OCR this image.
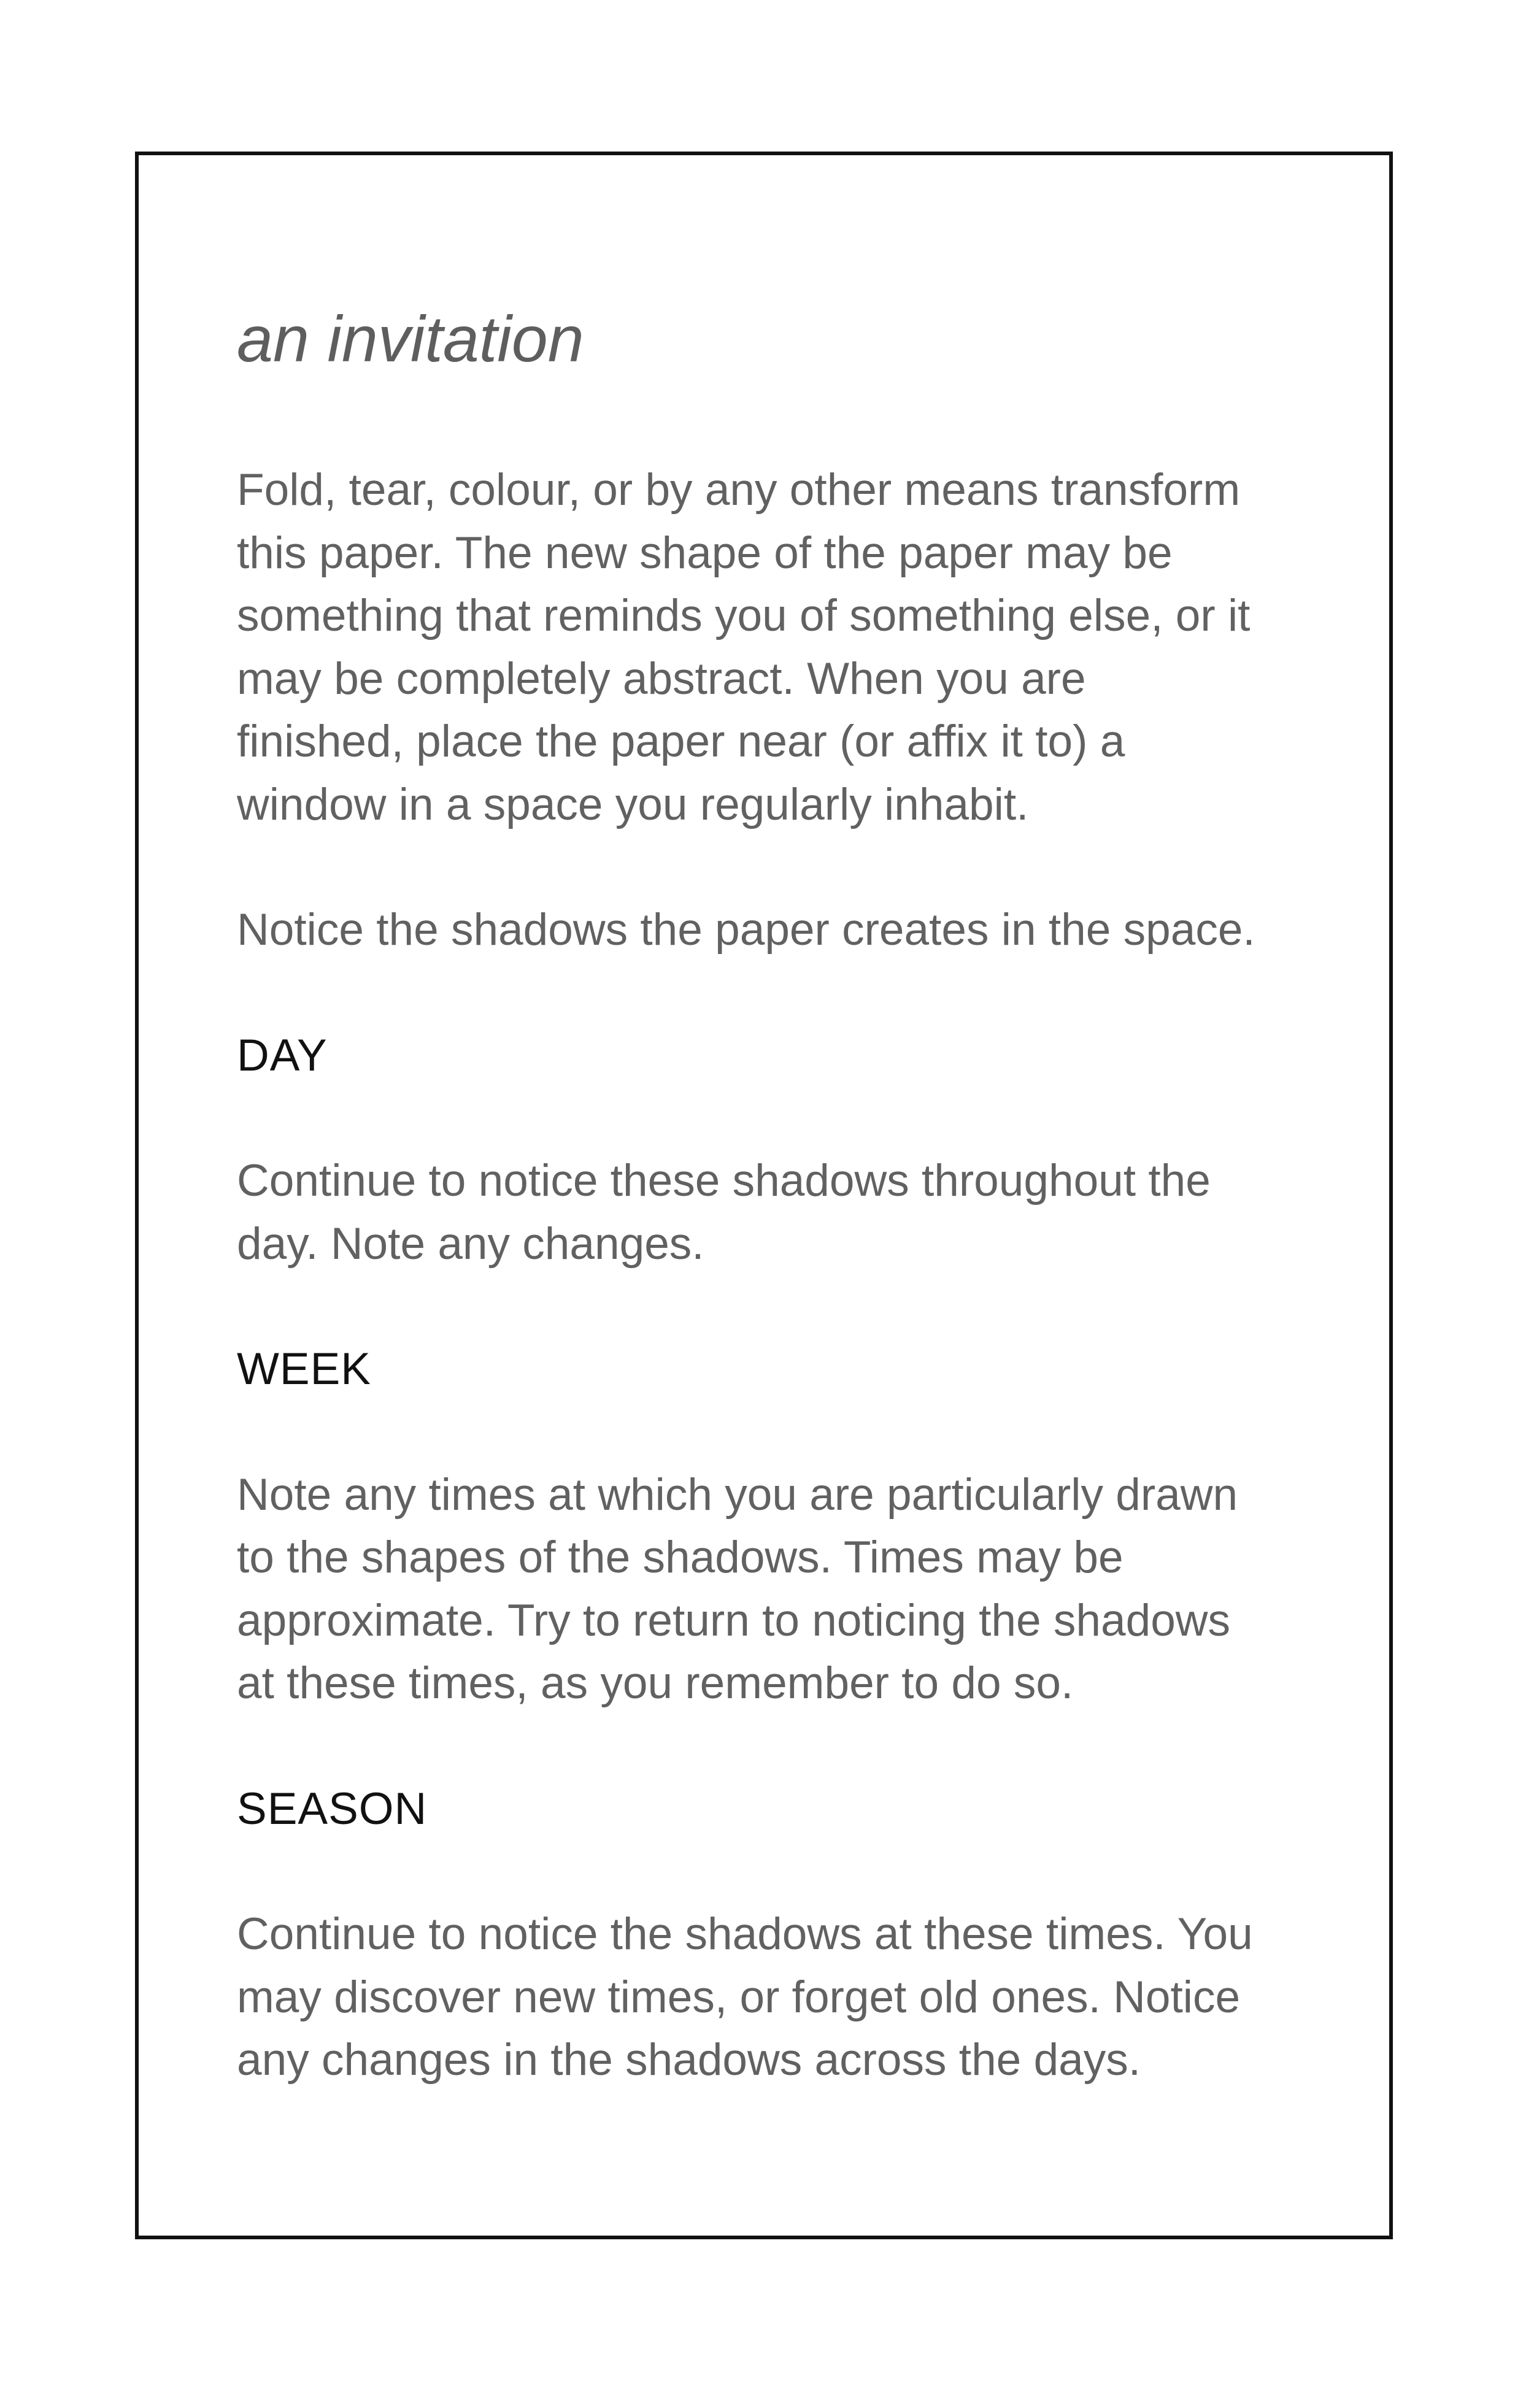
an invitation
Fold, tear, colour, or by any other means transform
this paper. The new shape of the paper may be
something that reminds you of something else, or it
may be completely abstract. When you are
finished, place the paper near (or affix it to) a
window in a space you regularly inhabit.
Notice the shadows the paper creates in the space.
DAY
Continue to notice these shadows throughout the
day. Note any changes.
WEEK
Note any times at which you are particularly drawn
to the shapes of the shadows. Times may be
approximate. Try to return to noticing the shadows
at these times, as you remember to do so.
SEASON
Continue to notice the shadows at these times. You
may discover new times, or forget old ones. Notice
any changes in the shadows across the days.
